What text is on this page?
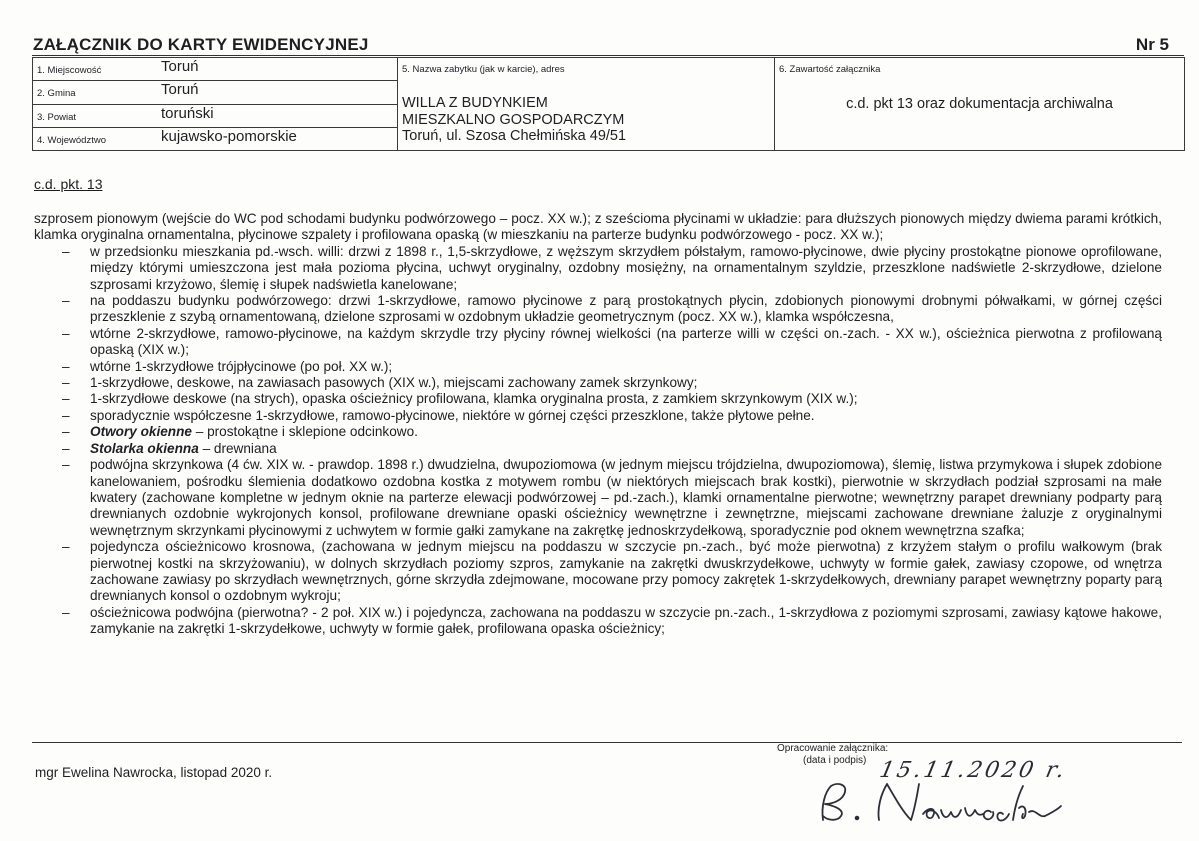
ZAŁĄCZNIK DO KARTY EWIDENCYJNEJ	Nr 5
1. Miejscowość	Toruń	5. Nazwa zabytku (jak w karcie), adres
WILLA Z BUDYNKIEM
MIESZKALNO GOSPODARCZYM
Toruń, ul. Szosa Chełmińska 49/51

6. Zawartość załącznika
c.d. pkt 13 oraz dokumentacja archiwalna

2. Gmina	Toruń

3. Powiat	toruński

4. Województwo	kujawsko-pomorskie
c.d. pkt. 13

szprosem pionowym (wejście do WC pod schodami budynku podwórzowego – pocz. XX w.); z sześcioma płycinami w układzie: para dłuższych pionowych między dwiema parami krótkich, klamka oryginalna ornamentalna, płycinowe szpalety i profilowana opaską (w mieszkaniu na parterze budynku podwórzowego - pocz. XX w.);

– w przedsionku mieszkania pd.-wsch. willi: drzwi z 1898 r., 1,5-skrzydłowe, z węższym skrzydłem półstałym, ramowo-płycinowe, dwie płyciny prostokątne pionowe oprofilowane, między którymi umieszczona jest mała pozioma płycina, uchwyt oryginalny, ozdobny mosiężny, na ornamentalnym szyldzie, przeszklone nadświetle 2-skrzydłowe, dzielone szprosami krzyżowo, ślemię i słupek nadświetla kanelowane;
– na poddaszu budynku podwórzowego: drzwi 1-skrzydłowe, ramowo płycinowe z parą prostokątnych płycin, zdobionych pionowymi drobnymi półwałkami, w górnej części przeszklenie z szybą ornamentowaną, dzielone szprosami w ozdobnym układzie geometrycznym (pocz. XX w.), klamka współczesna,
– wtórne 2-skrzydłowe, ramowo-płycinowe, na każdym skrzydle trzy płyciny równej wielkości (na parterze willi w części on.-zach. - XX w.), ościeżnica pierwotna z profilowaną opaską (XIX w.);
– wtórne 1-skrzydłowe trójpłycinowe (po poł. XX w.);
– 1-skrzydłowe, deskowe, na zawiasach pasowych (XIX w.), miejscami zachowany zamek skrzynkowy;
– 1-skrzydłowe deskowe (na strych), opaska ościeżnicy profilowana, klamka oryginalna prosta, z zamkiem skrzynkowym (XIX w.);
– sporadycznie współczesne 1-skrzydłowe, ramowo-płycinowe, niektóre w górnej części przeszklone, także płytowe pełne.
– Otwory okienne – prostokątne i sklepione odcinkowo.
– Stolarka okienna – drewniana
– podwójna skrzynkowa (4 ćw. XIX w. - prawdop. 1898 r.) dwudzielna, dwupoziomowa (w jednym miejscu trójdzielna, dwupoziomowa), ślemię, listwa przymykowa i słupek zdobione kanelowaniem, pośrodku ślemienia dodatkowo ozdobna kostka z motywem rombu (w niektórych miejscach brak kostki), pierwotnie w skrzydłach podział szprosami na małe kwatery (zachowane kompletne w jednym oknie na parterze elewacji podwórzowej – pd.-zach.), klamki ornamentalne pierwotne; wewnętrzny parapet drewniany podparty parą drewnianych ozdobnie wykrojonych konsol, profilowane drewniane opaski ościeżnicy wewnętrzne i zewnętrzne, miejscami zachowane drewniane żaluzje z oryginalnymi wewnętrznym skrzynkami płycinowymi z uchwytem w formie gałki zamykane na zakrętkę jednoskrzydełkową, sporadycznie pod oknem wewnętrzna szafka;
– pojedyncza ościeżnicowo krosnowa, (zachowana w jednym miejscu na poddaszu w szczycie pn.-zach., być może pierwotna) z krzyżem stałym o profilu wałkowym (brak pierwotnej kostki na skrzyżowaniu), w dolnych skrzydłach poziomy szpros, zamykanie na zakrętki dwuskrzydełkowe, uchwyty w formie gałek, zawiasy czopowe, od wnętrza zachowane zawiasy po skrzydłach wewnętrznych, górne skrzydła zdejmowane, mocowane przy pomocy zakrętek 1-skrzydełkowych, drewniany parapet wewnętrzny poparty parą drewnianych konsol o ozdobnym wykroju;
– ościeżnicowa podwójna (pierwotna? - 2 poł. XIX w.) i pojedyncza, zachowana na poddaszu w szczycie pn.-zach., 1-skrzydłowa z poziomymi szprosami, zawiasy kątowe hakowe, zamykanie na zakrętki 1-skrzydełkowe, uchwyty w formie gałek, profilowana opaska ościeżnicy;
Opracowanie załącznika:
(data i podpis)
mgr Ewelina Nawrocka, listopad 2020 r.	15.11.2020 r.
